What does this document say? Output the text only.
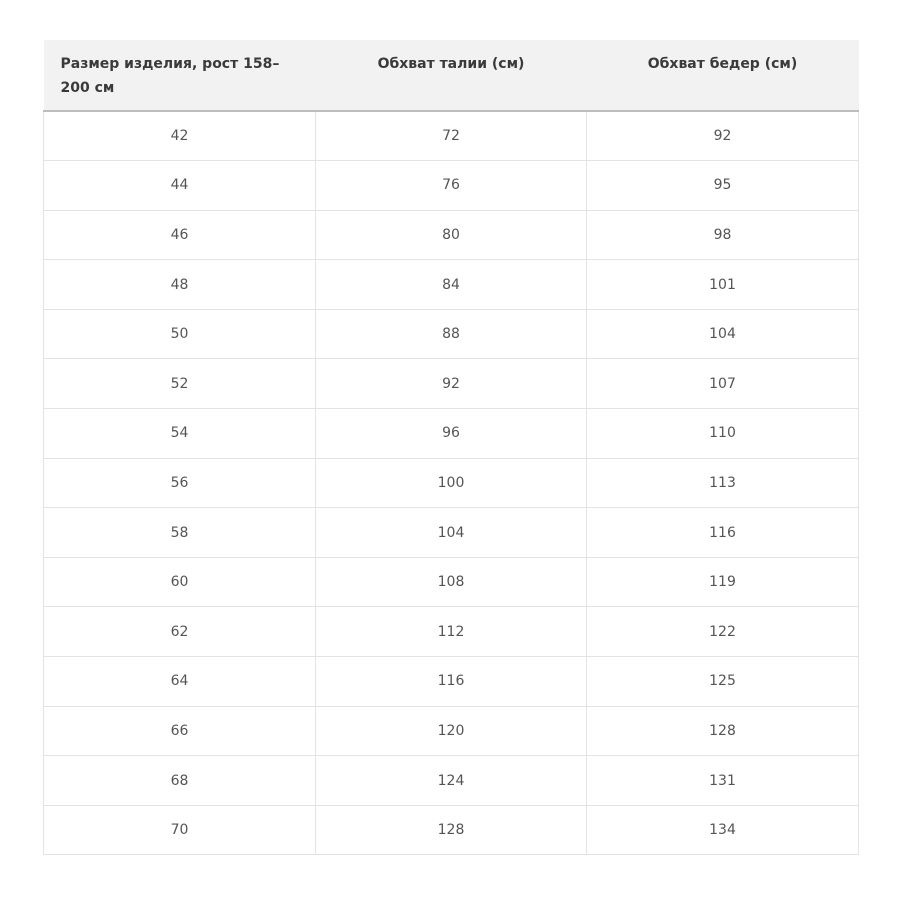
Размер изделия, рост 158–200 см	Обхват талии (см)	Обхват бедер (см)
42	72	92
44	76	95
46	80	98
48	84	101
50	88	104
52	92	107
54	96	110
56	100	113
58	104	116
60	108	119
62	112	122
64	116	125
66	120	128
68	124	131
70	128	134
